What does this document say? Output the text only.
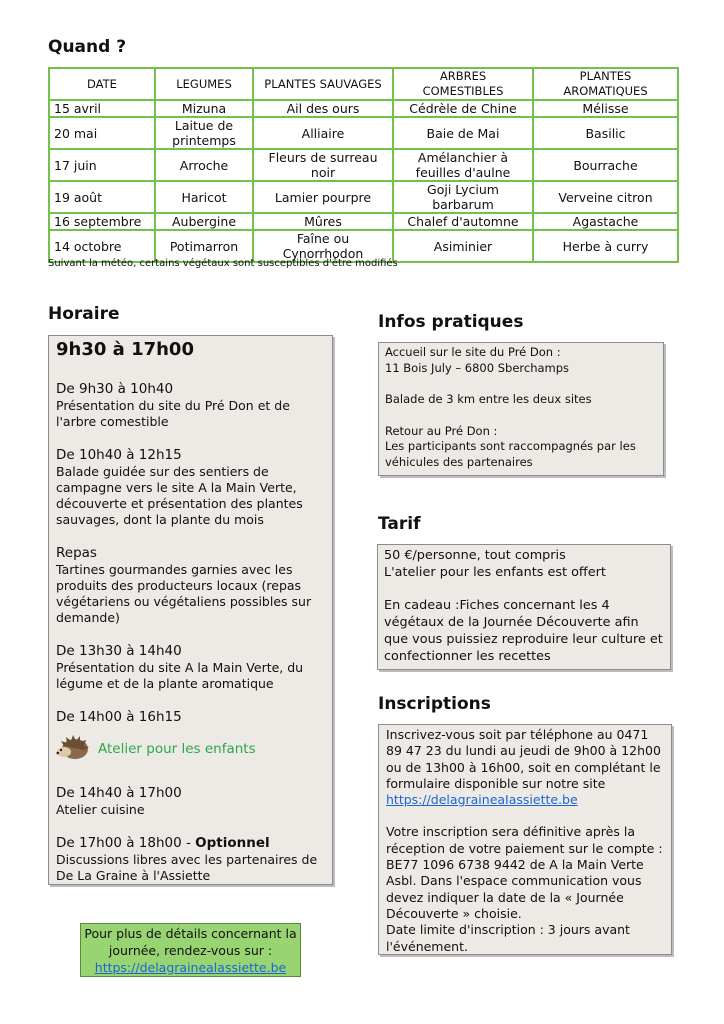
Quand ?
DATE	LEGUMES	PLANTES SAUVAGES	ARBRES COMESTIBLES	PLANTES AROMATIQUES
15 avril	Mizuna	Ail des ours	Cédrèle de Chine	Mélisse
20 mai	Laitue de printemps	Alliaire	Baie de Mai	Basilic
17 juin	Arroche	Fleurs de surreau noir	Amélanchier à feuilles d'aulne	Bourrache
19 août	Haricot	Lamier pourpre	Goji Lycium barbarum	Verveine citron
16 septembre	Aubergine	Mûres	Chalef d'automne	Agastache
14 octobre	Potimarron	Faîne ou Cynorrhodon	Asiminier	Herbe à curry
Suivant la météo, certains végétaux sont susceptibles d'être modifiés
Horaire

9h30 à 17h00

De 9h30 à 10h40

Présentation du site du Pré Don et de l'arbre comestible

De 10h40 à 12h15

Balade guidée sur des sentiers de campagne vers le site A la Main Verte, découverte et présentation des plantes sauvages, dont la plante du mois

Repas

Tartines gourmandes garnies avec les produits des producteurs locaux (repas végétariens ou végétaliens possibles sur demande)

De 13h30 à 14h40

Présentation du site A la Main Verte, du légume et de la plante aromatique

De 14h00 à 16h15

Atelier pour les enfants

De 14h40 à 17h00

Atelier cuisine

De 17h00 à 18h00 - Optionnel

Discussions libres avec les partenaires de De La Graine à l'Assiette

Infos pratiques

Accueil sur le site du Pré Don :

11 Bois July – 6800 Sberchamps

Balade de 3 km entre les deux sites

Retour au Pré Don :

Les participants sont raccompagnés par les véhicules des partenaires

Tarif

50 €/personne, tout compris

L'atelier pour les enfants est offert

En cadeau :Fiches concernant les 4 végétaux de la Journée Découverte afin que vous puissiez reproduire leur culture et confectionner les recettes

Inscriptions

Inscrivez-vous soit par téléphone au 0471 89 47 23 du lundi au jeudi de 9h00 à 12h00 ou de 13h00 à 16h00, soit en complétant le formulaire disponible sur notre site https://delagraineaIassiette.be

Votre inscription sera définitive après la réception de votre paiement sur le compte : BE77 1096 6738 9442 de A la Main Verte Asbl. Dans l'espace communication vous devez indiquer la date de la « Journée Découverte » choisie.

Date limite d'inscription : 3 jours avant l'événement.

Pour plus de détails concernant la journée, rendez-vous sur :
https://delagrainealassiette.be
